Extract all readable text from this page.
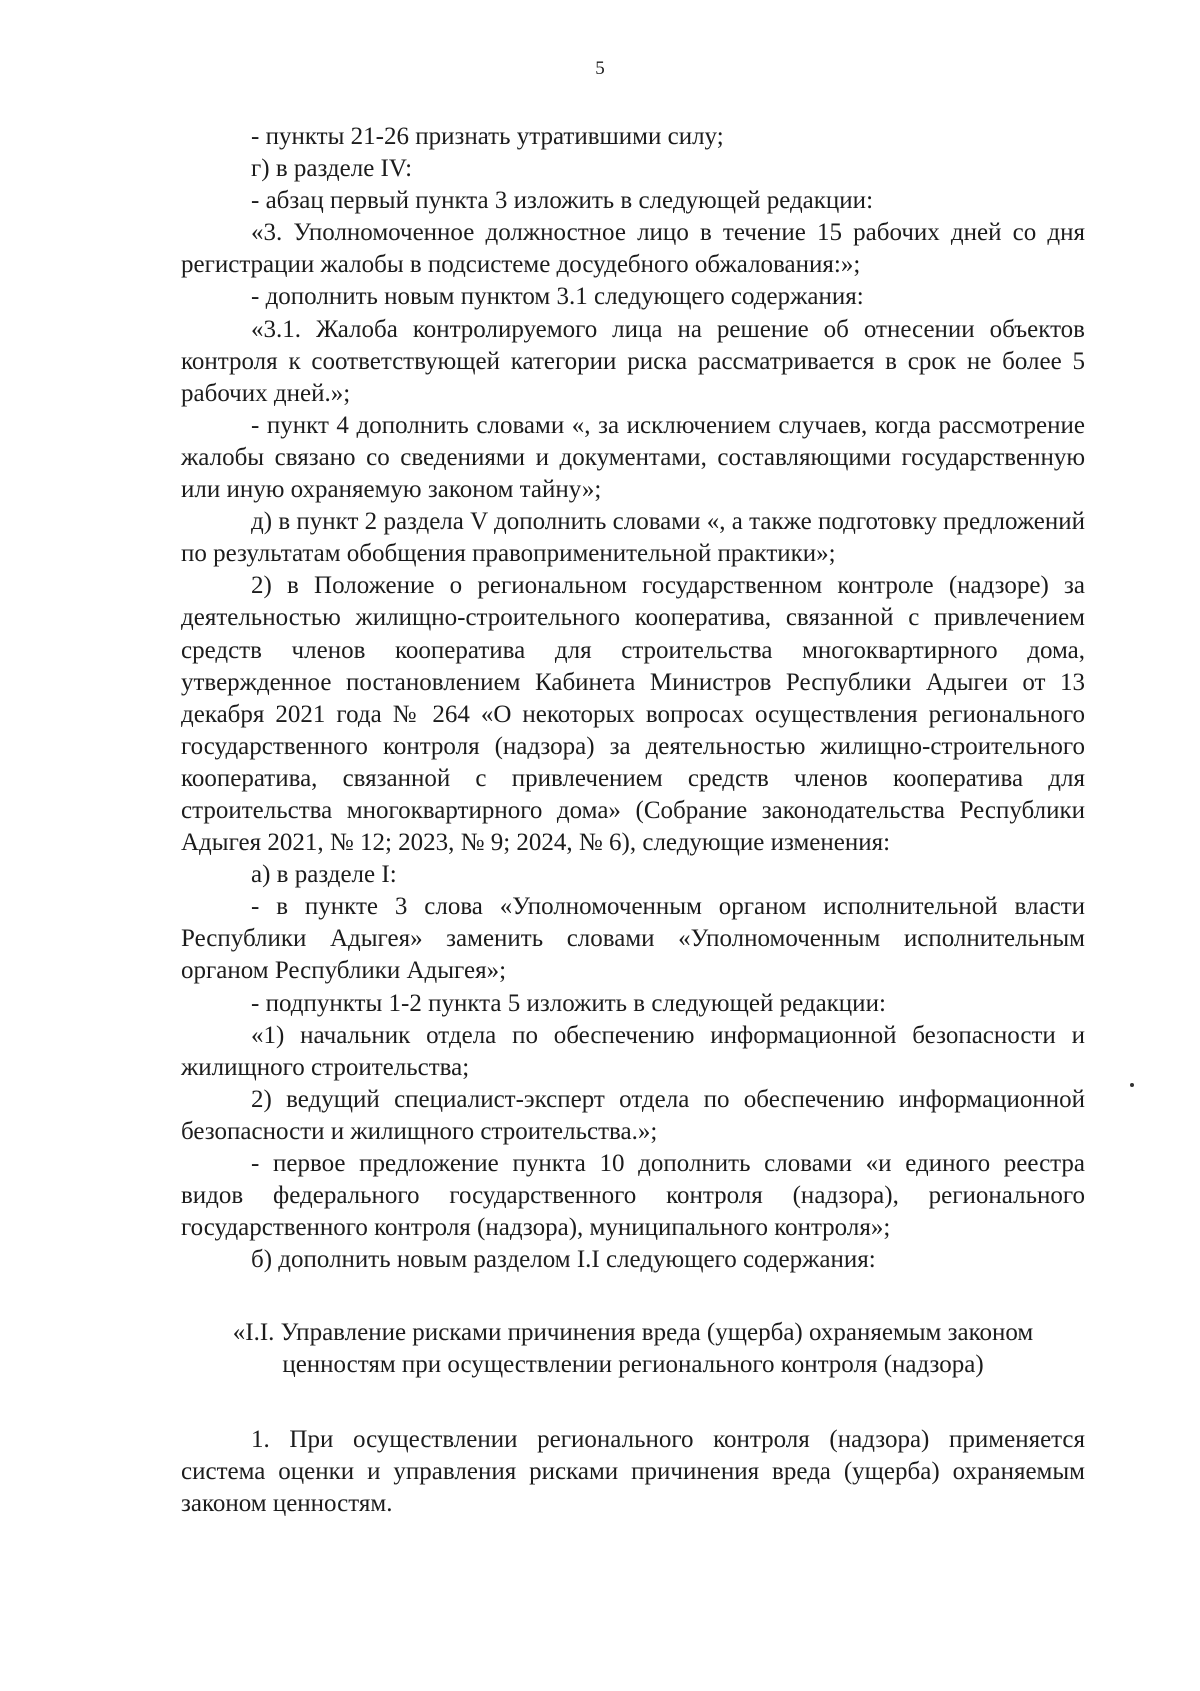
5

- пункты 21-26 признать утратившими силу;

г) в разделе IV:

- абзац первый пункта 3 изложить в следующей редакции:

«3. Уполномоченное должностное лицо в течение 15 рабочих дней со дня регистрации жалобы в подсистеме досудебного обжалования:»;

- дополнить новым пунктом 3.1 следующего содержания:

«3.1. Жалоба контролируемого лица на решение об отнесении объектов контроля к соответствующей категории риска рассматривается в срок не более 5 рабочих дней.»;

- пункт 4 дополнить словами «, за исключением случаев, когда рассмотрение жалобы связано со сведениями и документами, составляющими государственную или иную охраняемую законом тайну»;

д) в пункт 2 раздела V дополнить словами «, а также подготовку предложений по результатам обобщения правоприменительной практики»;

2) в Положение о региональном государственном контроле (надзоре) за деятельностью жилищно-строительного кооператива, связанной с привлечением средств членов кооператива для строительства многоквартирного дома, утвержденное постановлением Кабинета Министров Республики Адыгеи от 13 декабря 2021 года № 264 «О некоторых вопросах осуществления регионального государственного контроля (надзора) за деятельностью жилищно-строительного кооператива, связанной с привлечением средств членов кооператива для строительства многоквартирного дома» (Собрание законодательства Республики Адыгея 2021, № 12; 2023, № 9; 2024, № 6), следующие изменения:

а) в разделе I:

- в пункте 3 слова «Уполномоченным органом исполнительной власти Республики Адыгея» заменить словами «Уполномоченным исполнительным органом Республики Адыгея»;

- подпункты 1-2 пункта 5 изложить в следующей редакции:

«1) начальник отдела по обеспечению информационной безопасности и жилищного строительства;

2) ведущий специалист-эксперт отдела по обеспечению информационной безопасности и жилищного строительства.»;

- первое предложение пункта 10 дополнить словами «и единого реестра видов федерального государственного контроля (надзора), регионального государственного контроля (надзора), муниципального контроля»;

б) дополнить новым разделом I.I следующего содержания:

«I.I. Управление рисками причинения вреда (ущерба) охраняемым законом
ценностям при осуществлении регионального контроля (надзора)

1. При осуществлении регионального контроля (надзора) применяется система оценки и управления рисками причинения вреда (ущерба) охраняемым законом ценностям.
